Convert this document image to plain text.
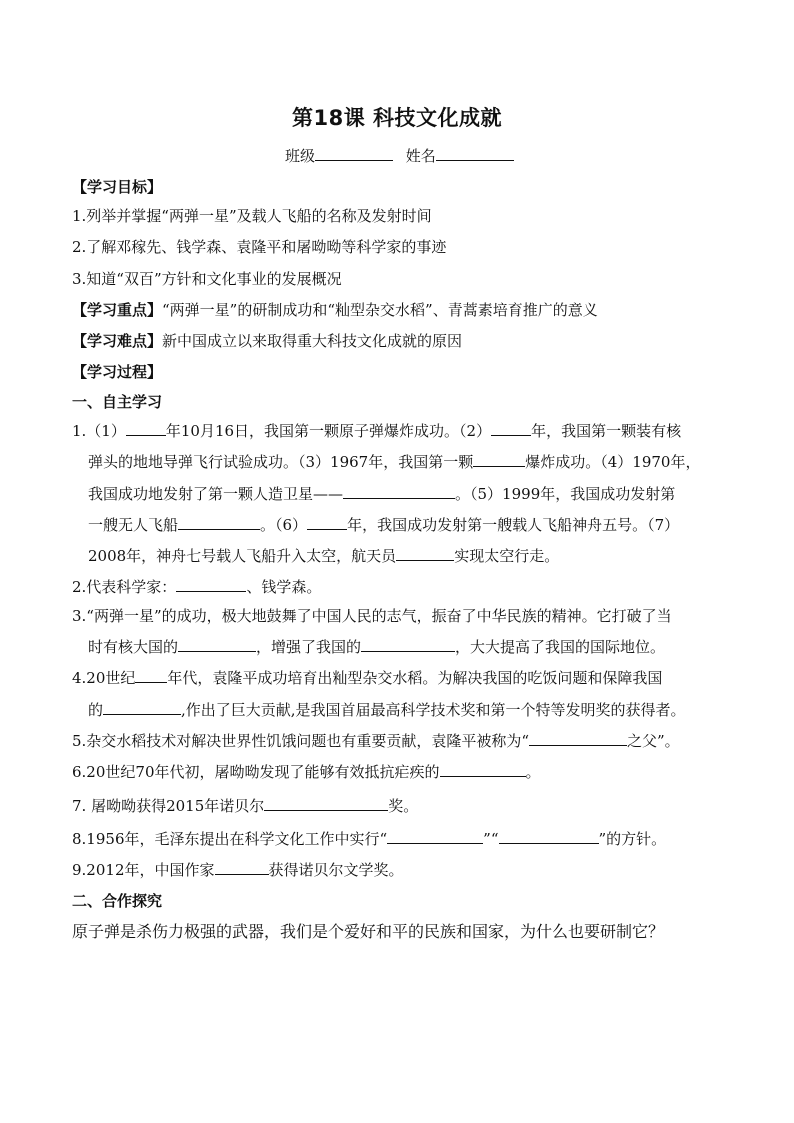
第18课 科技文化成就
班级	姓名
【学习目标】
1.列举并掌握“两弹一星”及载人飞船的名称及发射时间
2.了解邓稼先、钱学森、袁隆平和屠呦呦等科学家的事迹
3.知道“双百”方针和文化事业的发展概况
【学习重点】“两弹一星”的研制成功和“籼型杂交水稻”、青蒿素培育推广的意义
【学习难点】新中国成立以来取得重大科技文化成就的原因
【学习过程】
一、自主学习
1.（1）	年10月16日，我国第一颗原子弹爆炸成功。（2）	年，我国第一颗装有核
弹头的地地导弹飞行试验成功。（3）1967年，我国第一颗	爆炸成功。（4）1970年，
我国成功地发射了第一颗人造卫星——	。（5）1999年，我国成功发射第
一艘无人飞船	。（6）	年，我国成功发射第一艘载人飞船神舟五号。（7）
2008年，神舟七号载人飞船升入太空，航天员	实现太空行走。
2.代表科学家：	、钱学森。
3.“两弹一星”的成功，极大地鼓舞了中国人民的志气，振奋了中华民族的精神。它打破了当
时有核大国的	，增强了我国的	，大大提高了我国的国际地位。
4.20世纪 年代，袁隆平成功培育出籼型杂交水稻。为解决我国的吃饭问题和保障我国
的	,作出了巨大贡献,是我国首届最高科学技术奖和第一个特等发明奖的获得者。
5.杂交水稻技术对解决世界性饥饿问题也有重要贡献，袁隆平被称为“	之父”。
6.20世纪70年代初，屠呦呦发现了能够有效抵抗疟疾的	。
7. 屠呦呦获得2015年诺贝尔	奖。
8.1956年，毛泽东提出在科学文化工作中实行“	”“	”的方针。
9.2012年，中国作家	获得诺贝尔文学奖。
二、合作探究
原子弹是杀伤力极强的武器，我们是个爱好和平的民族和国家，为什么也要研制它？
